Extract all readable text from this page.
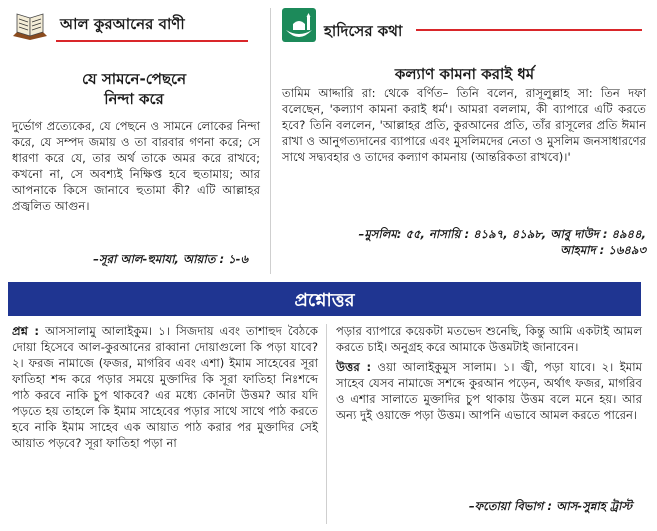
আল কুরআনের বাণী
যে সামনে-পেছনে
নিন্দা করে

দুর্ভোগ প্রত্যেকের, যে পেছনে ও সামনে লোকের নিন্দা করে, যে সম্পদ জমায় ও তা বারবার গণনা করে; সে ধারণা করে যে, তার অর্থ তাকে অমর করে রাখবে; কখনো না, সে অবশ্যই নিক্ষিপ্ত হবে হুতামায়; আর আপনাকে কিসে জানাবে হুতামা কী? এটি আল্লাহর প্রজ্বলিত আগুন।

–সূরা আল-হুমাযা, আয়াত : ১-৬
হাদিসের কথা
কল্যাণ কামনা করাই ধর্ম

তামিম আদ্দারি রা: থেকে বর্ণিত– তিনি বলেন, রাসূলুল্লাহ সা: তিন দফা বলেছেন, 'কল্যাণ কামনা করাই ধর্ম'। আমরা বললাম, কী ব্যাপারে এটি করতে হবে? তিনি বললেন, 'আল্লাহর প্রতি, কুরআনের প্রতি, তাঁর রাসূলের প্রতি ঈমান রাখা ও আনুগত্যদানের ব্যাপারে এবং মুসলিমদের নেতা ও মুসলিম জনসাধারণের সাথে সদ্ব্যবহার ও তাদের কল্যাণ কামনায় (আন্তরিকতা রাখবে)।'

–মুসলিম: ৫৫, নাসায়ি : ৪১৯৭, ৪১৯৮, আবু দাউদ : ৪৯৪৪,
আহমাদ : ১৬৪৯৩
প্রশ্নোত্তর

প্রশ্ন : আসসালামু আলাইকুম। ১। সিজদায় এবং তাশাহুদ বৈঠকে দোয়া হিসেবে আল-কুরআনের রাব্বানা দোয়াগুলো কি পড়া যাবে? ২। ফরজ নামাজে (ফজর, মাগরিব এবং এশা) ইমাম সাহেবের সূরা ফাতিহা শব্দ করে পড়ার সময়ে মুক্তাদির কি সূরা ফাতিহা নিঃশব্দে পাঠ করবে নাকি চুপ থাকবে? এর মধ্যে কোনটা উত্তম? আর যদি পড়তে হয় তাহলে কি ইমাম সাহেবের পড়ার সাথে সাথে পাঠ করতে হবে নাকি ইমাম সাহেব এক আয়াত পাঠ করার পর মুক্তাদির সেই আয়াত পড়বে? সূরা ফাতিহা পড়া না

পড়ার ব্যাপারে কয়েকটা মতভেদ শুনেছি, কিন্তু আমি একটাই আমল করতে চাই। অনুগ্রহ করে আমাকে উত্তমটাই জানাবেন।

উত্তর : ওয়া আলাইকুমুস সালাম। ১। জ্বী, পড়া যাবে। ২। ইমাম সাহেব যেসব নামাজে সশব্দে কুরআন পড়েন, অর্থাৎ ফজর, মাগরিব ও এশার সালাতে মুক্তাদির চুপ থাকায় উত্তম বলে মনে হয়। আর অন্য দুই ওয়াক্তে পড়া উত্তম। আপনি এভাবে আমল করতে পারেন।

–ফতোয়া বিভাগ : আস-সুন্নাহ ট্রাস্ট
